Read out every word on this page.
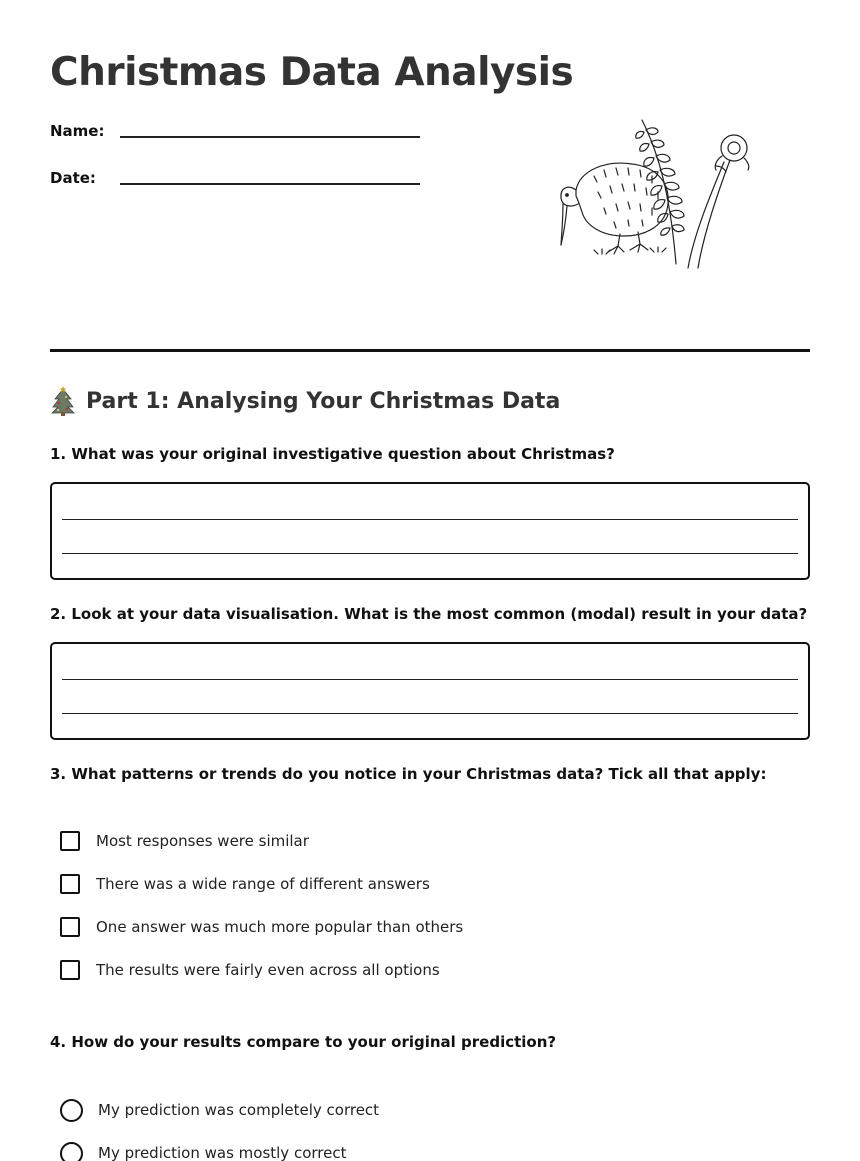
Christmas Data Analysis
Name:
Date:
Part 1: Analysing Your Christmas Data

1. What was your original investigative question about Christmas?

2. Look at your data visualisation. What is the most common (modal) result in your data?

3. What patterns or trends do you notice in your Christmas data? Tick all that apply:

Most responses were similar
There was a wide range of different answers
One answer was much more popular than others
The results were fairly even across all options

4. How do your results compare to your original prediction?

My prediction was completely correct
My prediction was mostly correct
